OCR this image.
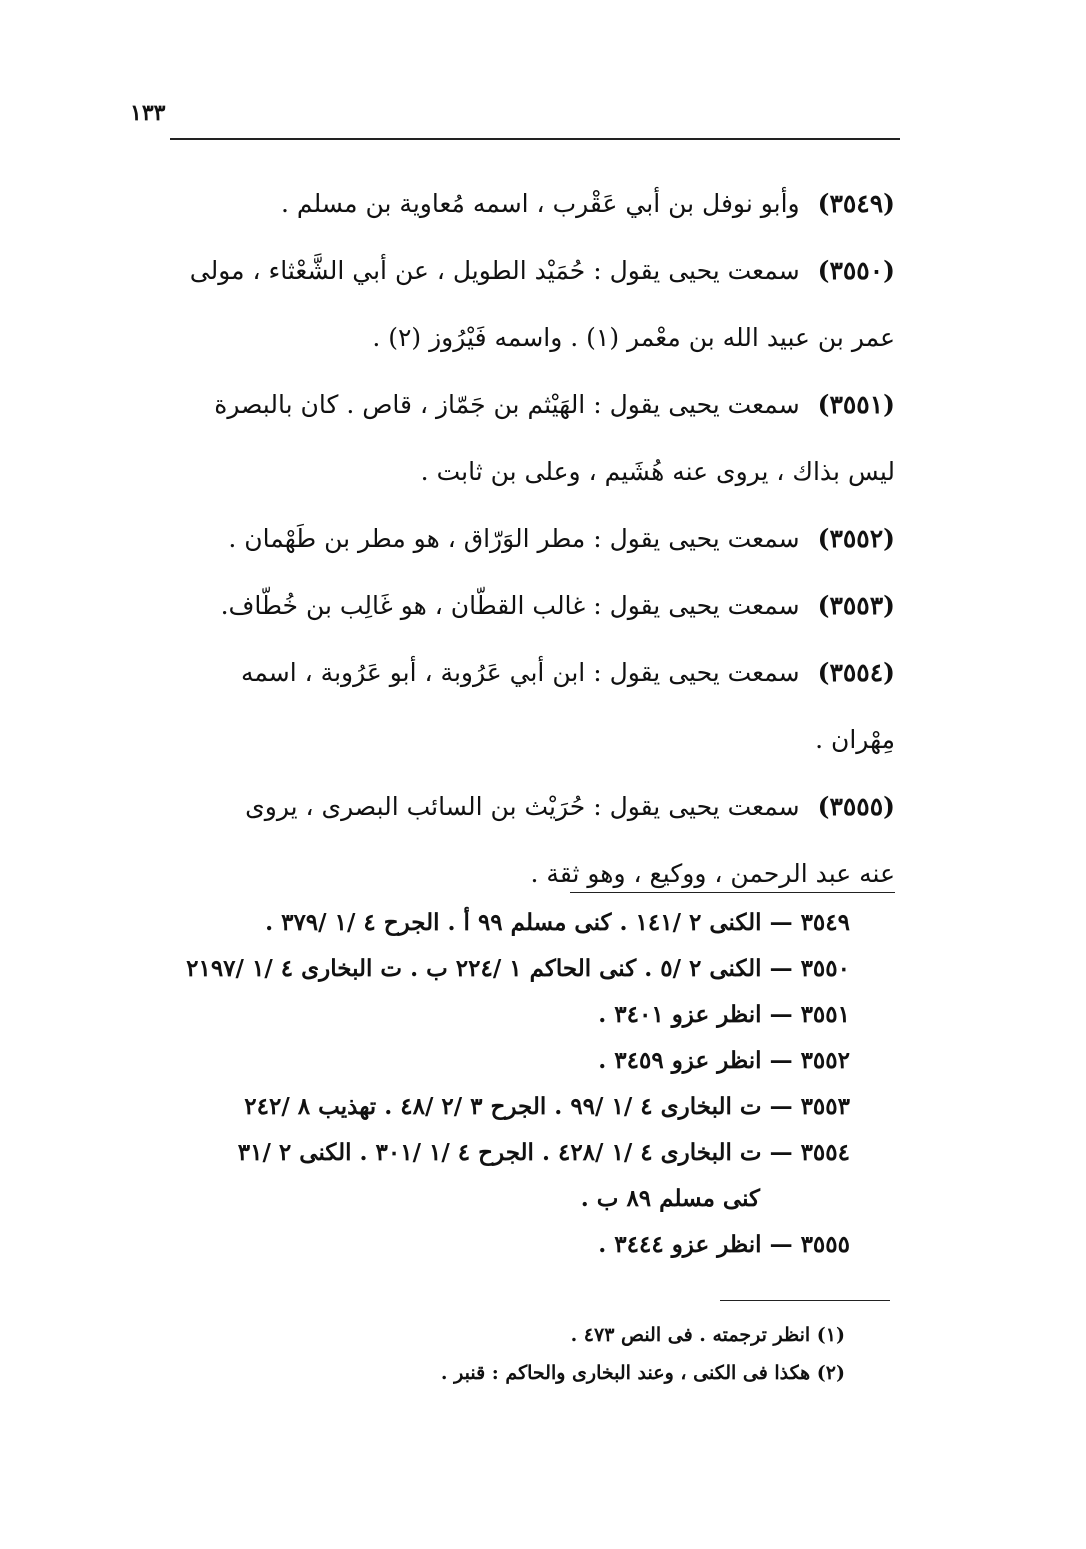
١٣٣

(٣٥٤٩) وأبو نوفل بن أبي عَقْرب ، اسمه مُعاوية بن مسلم .

(٣٥٥٠) سمعت يحيى يقول : حُمَيْد الطويل ، عن أبي الشَّعْثاء ، مولى
عمر بن عبيد الله بن معْمر (١) . واسمه فَيْرُوز (٢) .

(٣٥٥١) سمعت يحيى يقول : الهَيْثم بن جَمّاز ، قاص . كان بالبصرة
ليس بذاك ، يروى عنه هُشَيم ، وعلى بن ثابت .

(٣٥٥٢) سمعت يحيى يقول : مطر الوَرّاق ، هو مطر بن طَهْمان .

(٣٥٥٣) سمعت يحيى يقول : غالب القطّان ، هو غَالِب بن خُطّاف.

(٣٥٥٤) سمعت يحيى يقول : ابن أبي عَرُوبة ، أبو عَرُوبة ، اسمه
مِهْران .

(٣٥٥٥) سمعت يحيى يقول : حُرَيْث بن السائب البصرى ، يروى
عنه عبد الرحمن ، ووكيع ، وهو ثقة .

٣٥٤٩—الكنى ٢ /١٤١ . كنى مسلم ٩٩ أ . الجرح ٤ /١ /٣٧٩ .

٣٥٥٠—الكنى ٢ /٥ . كنى الحاكم ١ /٢٢٤ ب . ت البخارى ٤ /١ /٢١٩٧

٣٥٥١—انظر عزو ٣٤٠١ .

٣٥٥٢—انظر عزو ٣٤٥٩ .

٣٥٥٣—ت البخارى ٤ /١ /٩٩ . الجرح ٣ /٢ /٤٨ . تهذيب ٨ /٢٤٢

٣٥٥٤—ت البخارى ٤ /١ /٤٢٨ . الجرح ٤ /١ /٣٠١ . الكنى ٢ /٣١

كنى مسلم ٨٩ ب .

٣٥٥٥—انظر عزو ٣٤٤٤ .

(١) انظر ترجمته . فى النص ٤٧٣ .

(٢) هكذا فى الكنى ، وعند البخارى والحاكم : قنبر .
